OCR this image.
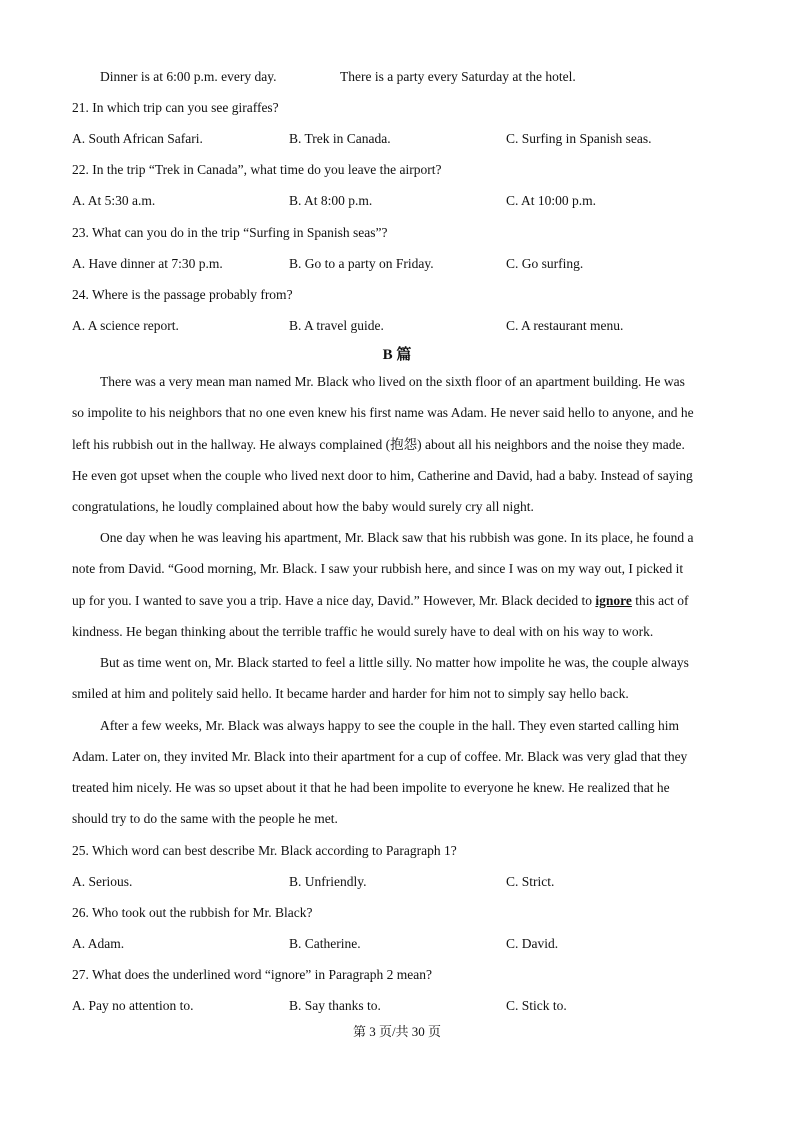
Dinner is at 6:00 p.m. every day.	There is a party every Saturday at the hotel.
21. In which trip can you see giraffes?
A. South African Safari.	B. Trek in Canada.	C. Surfing in Spanish seas.
22. In the trip “Trek in Canada”, what time do you leave the airport?
A. At 5:30 a.m.	B. At 8:00 p.m.	C. At 10:00 p.m.
23. What can you do in the trip “Surfing in Spanish seas”?
A. Have dinner at 7:30 p.m.	B. Go to a party on Friday.	C. Go surfing.
24. Where is the passage probably from?
A. A science report.	B. A travel guide.	C. A restaurant menu.
B 篇
There was a very mean man named Mr. Black who lived on the sixth floor of an apartment building. He was
so impolite to his neighbors that no one even knew his first name was Adam. He never said hello to anyone, and he
left his rubbish out in the hallway. He always complained (抱怨) about all his neighbors and the noise they made.
He even got upset when the couple who lived next door to him, Catherine and David, had a baby. Instead of saying
congratulations, he loudly complained about how the baby would surely cry all night.
One day when he was leaving his apartment, Mr. Black saw that his rubbish was gone. In its place, he found a
note from David. “Good morning, Mr. Black. I saw your rubbish here, and since I was on my way out, I picked it
up for you. I wanted to save you a trip. Have a nice day, David.” However, Mr. Black decided to ignore this act of
kindness. He began thinking about the terrible traffic he would surely have to deal with on his way to work.
But as time went on, Mr. Black started to feel a little silly. No matter how impolite he was, the couple always
smiled at him and politely said hello. It became harder and harder for him not to simply say hello back.
After a few weeks, Mr. Black was always happy to see the couple in the hall. They even started calling him
Adam. Later on, they invited Mr. Black into their apartment for a cup of coffee. Mr. Black was very glad that they
treated him nicely. He was so upset about it that he had been impolite to everyone he knew. He realized that he
should try to do the same with the people he met.
25. Which word can best describe Mr. Black according to Paragraph 1?
A. Serious.	B. Unfriendly.	C. Strict.
26. Who took out the rubbish for Mr. Black?
A. Adam.	B. Catherine.	C. David.
27. What does the underlined word “ignore” in Paragraph 2 mean?
A. Pay no attention to.	B. Say thanks to.	C. Stick to.
第 3 页/共 30 页
